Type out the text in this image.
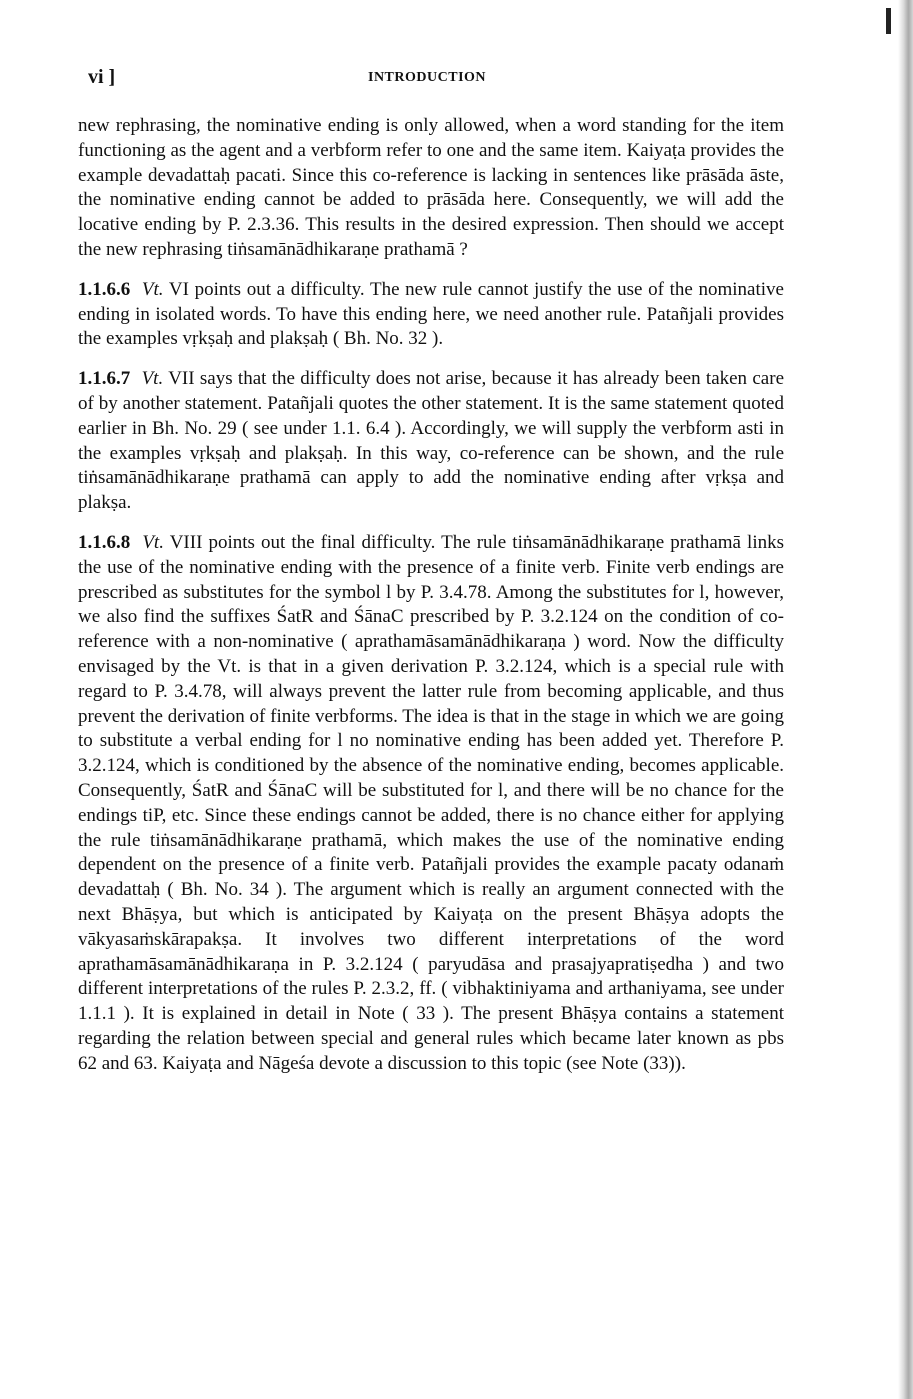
vi ]	INTRODUCTION

new rephrasing, the nominative ending is only allowed, when a word standing for the item functioning as the agent and a verbform refer to one and the same item. Kaiyaṭa provides the example devadattaḥ pacati. Since this co-reference is lacking in sentences like prāsāda āste, the nominative ending cannot be added to prāsāda here. Consequently, we will add the locative ending by P. 2.3.36. This results in the desired expression. Then should we accept the new rephrasing tiṅsamānādhikaraṇe prathamā ?

1.1.6.6 Vt. VI points out a difficulty. The new rule cannot justify the use of the nominative ending in isolated words. To have this ending here, we need another rule. Patañjali provides the examples vṛkṣaḥ and plakṣaḥ ( Bh. No. 32 ).

1.1.6.7 Vt. VII says that the difficulty does not arise, because it has already been taken care of by another statement. Patañjali quotes the other statement. It is the same statement quoted earlier in Bh. No. 29 ( see under 1.1. 6.4 ). Accordingly, we will supply the verbform asti in the examples vṛkṣaḥ and plakṣaḥ. In this way, co-reference can be shown, and the rule tiṅsamānādhikaraṇe prathamā can apply to add the nominative ending after vṛkṣa and plakṣa.

1.1.6.8 Vt. VIII points out the final difficulty. The rule tiṅsamānādhikaraṇe prathamā links the use of the nominative ending with the presence of a finite verb. Finite verb endings are prescribed as substitutes for the symbol l by P. 3.4.78. Among the substitutes for l, however, we also find the suffixes ŚatR and ŚānaC prescribed by P. 3.2.124 on the condition of co-reference with a non-nominative ( aprathamāsamānādhikaraṇa ) word. Now the difficulty envisaged by the Vt. is that in a given derivation P. 3.2.124, which is a special rule with regard to P. 3.4.78, will always prevent the latter rule from becoming applicable, and thus prevent the derivation of finite verbforms. The idea is that in the stage in which we are going to substitute a verbal ending for l no nominative ending has been added yet. Therefore P. 3.2.124, which is conditioned by the absence of the nominative ending, becomes applicable. Consequently, ŚatR and ŚānaC will be substituted for l, and there will be no chance for the endings tiP, etc. Since these endings cannot be added, there is no chance either for applying the rule tiṅsamānādhikaraṇe prathamā, which makes the use of the nominative ending dependent on the presence of a finite verb. Patañjali provides the example pacaty odanaṁ devadattaḥ ( Bh. No. 34 ). The argument which is really an argument connected with the next Bhāṣya, but which is anticipated by Kaiyaṭa on the present Bhāṣya adopts the vākyasaṁskārapakṣa. It involves two different interpretations of the word aprathamāsamānādhikaraṇa in P. 3.2.124 ( paryudāsa and prasajyapratiṣedha ) and two different interpretations of the rules P. 2.3.2, ff. ( vibhaktiniyama and arthaniyama, see under 1.1.1 ). It is explained in detail in Note ( 33 ). The present Bhāṣya contains a statement regarding the relation between special and general rules which became later known as pbs 62 and 63. Kaiyaṭa and Nāgeśa devote a discussion to this topic (see Note (33)).
